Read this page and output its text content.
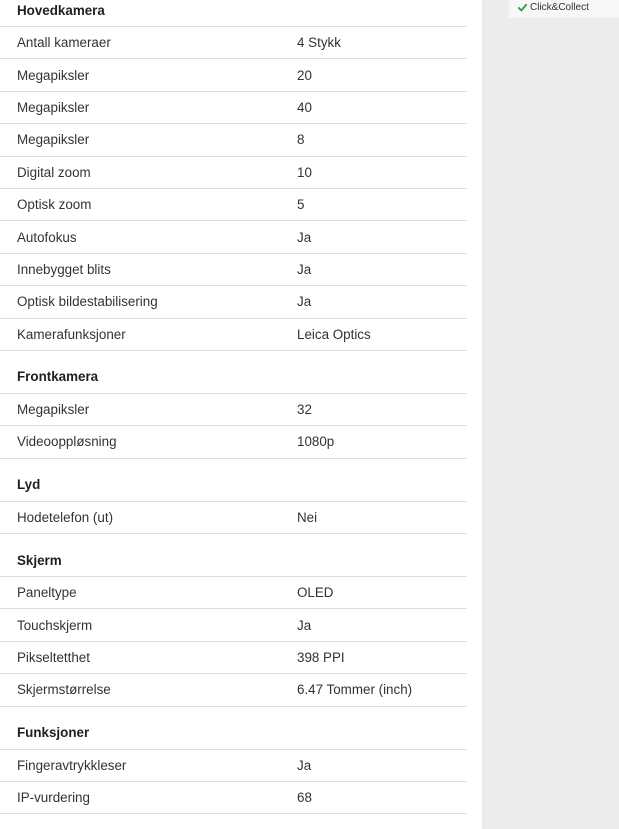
Hovedkamera
Antall kameraer	4 Stykk
Megapiksler	20
Megapiksler	40
Megapiksler	8
Digital zoom	10
Optisk zoom	5
Autofokus	Ja
Innebygget blits	Ja
Optisk bildestabilisering	Ja
Kamerafunksjoner	Leica Optics
Frontkamera
Megapiksler	32
Videooppløsning	1080p
Lyd
Hodetelefon (ut)	Nei
Skjerm
Paneltype	OLED
Touchskjerm	Ja
Pikseltetthet	398 PPI
Skjermstørrelse	6.47 Tommer (inch)
Funksjoner
Fingeravtrykkleser	Ja
IP-vurdering	68
Click&Collect
